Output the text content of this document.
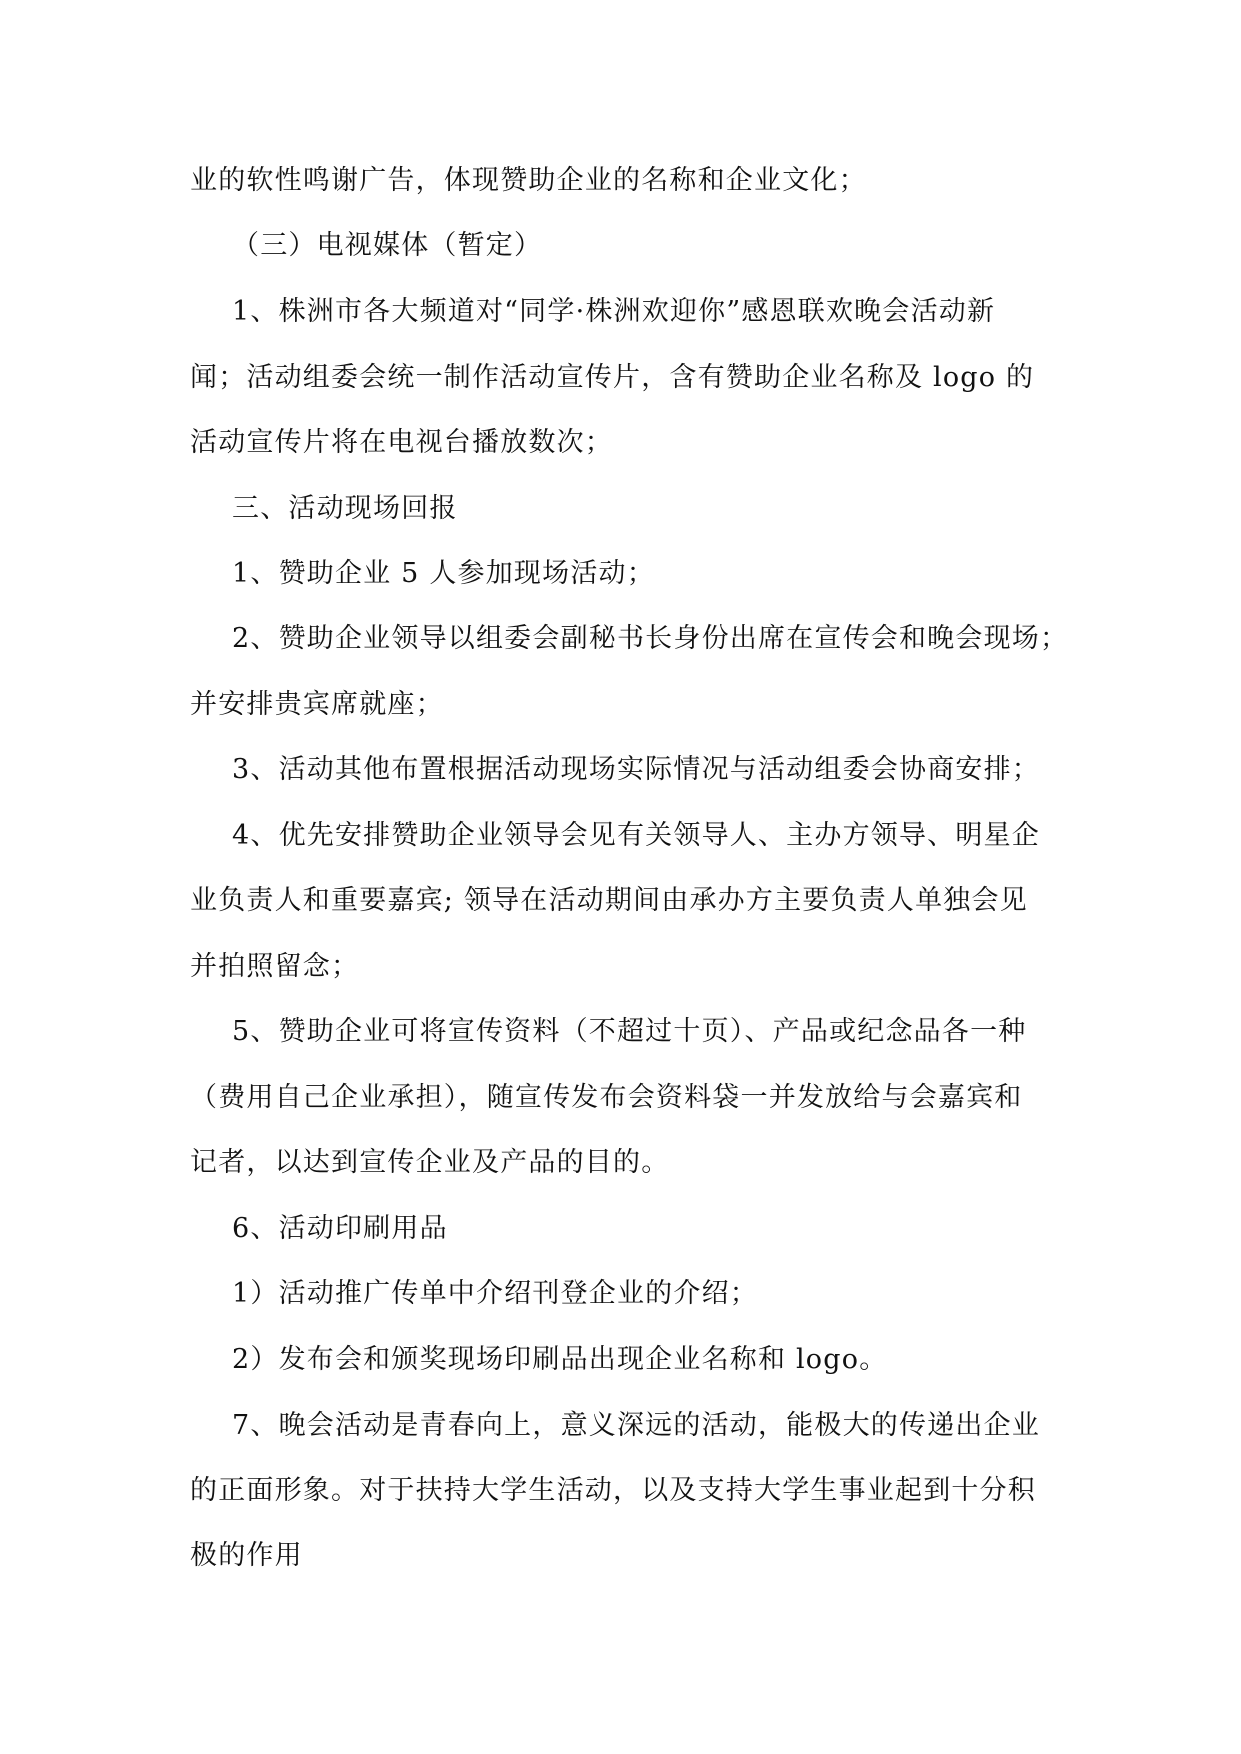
业的软性鸣谢广告，体现赞助企业的名称和企业文化；
（三）电视媒体（暂定）
1、株洲市各大频道对“同学·株洲欢迎你”感恩联欢晚会活动新
闻；活动组委会统一制作活动宣传片，含有赞助企业名称及 logo 的
活动宣传片将在电视台播放数次；
三、活动现场回报
1、赞助企业 5 人参加现场活动；
2、赞助企业领导以组委会副秘书长身份出席在宣传会和晚会现场；
并安排贵宾席就座；
3、活动其他布置根据活动现场实际情况与活动组委会协商安排；
4、优先安排赞助企业领导会见有关领导人、主办方领导、明星企
业负责人和重要嘉宾; 领导在活动期间由承办方主要负责人单独会见
并拍照留念；
5、赞助企业可将宣传资料（不超过十页）、产品或纪念品各一种
（费用自己企业承担），随宣传发布会资料袋一并发放给与会嘉宾和
记者，以达到宣传企业及产品的目的。
6、活动印刷用品
1）活动推广传单中介绍刊登企业的介绍；
2）发布会和颁奖现场印刷品出现企业名称和 logo。
7、晚会活动是青春向上，意义深远的活动，能极大的传递出企业
的正面形象。对于扶持大学生活动，以及支持大学生事业起到十分积
极的作用
